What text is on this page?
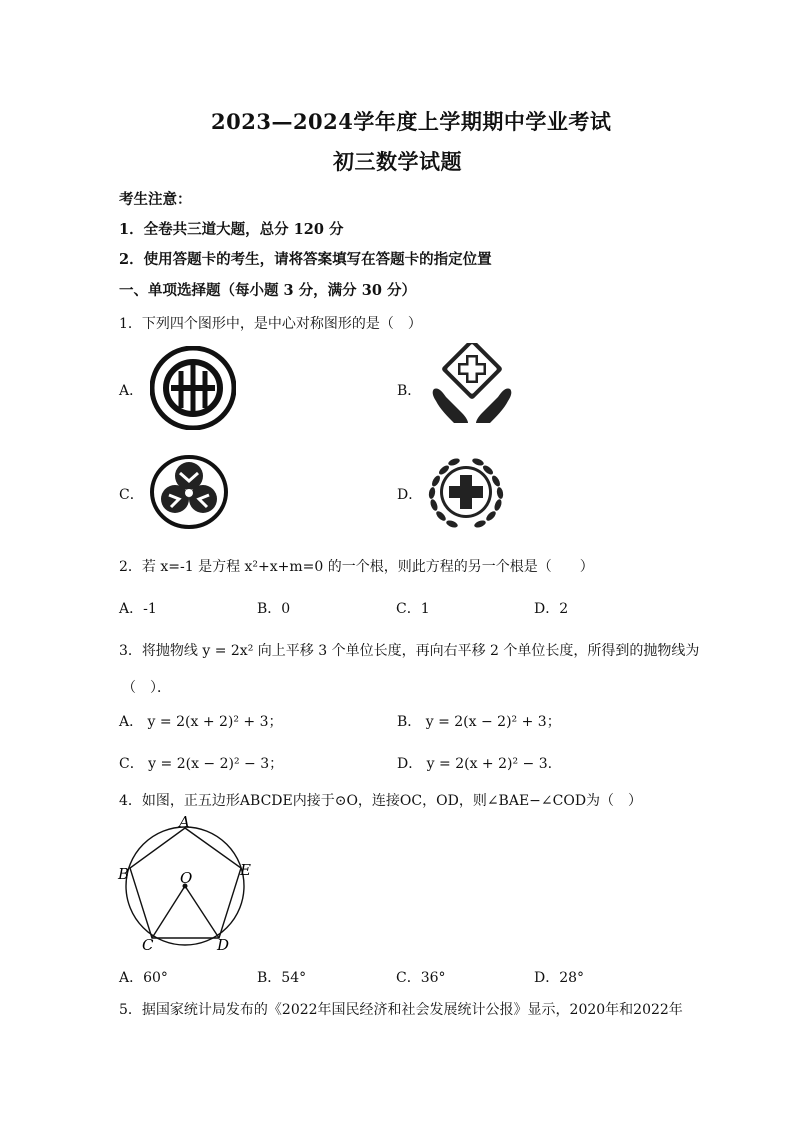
2023—2024学年度上学期期中学业考试
初三数学试题
考生注意：
1．全卷共三道大题，总分 120 分
2．使用答题卡的考生，请将答案填写在答题卡的指定位置
一、单项选择题（每小题 3 分，满分 30 分）
1．下列四个图形中，是中心对称图形的是（　）
A．	B．
C．	D．
2．若 x=-1 是方程 x²+x+m=0 的一个根，则此方程的另一个根是（　　）
A．-1	B．0	C．1	D．2
3．将抛物线 y = 2x² 向上平移 3 个单位长度，再向右平移 2 个单位长度，所得到的抛物线为
（　）．
A． y = 2(x + 2)² + 3；	B． y = 2(x − 2)² + 3；
C． y = 2(x − 2)² − 3；	D． y = 2(x + 2)² − 3.
4．如图，正五边形ABCDE内接于⊙O，连接OC，OD，则∠BAE−∠COD为（　）
A
B	E
O
C	D
A．60°	B．54°	C．36°	D．28°
5．据国家统计局发布的《2022年国民经济和社会发展统计公报》显示，2020年和2022年
